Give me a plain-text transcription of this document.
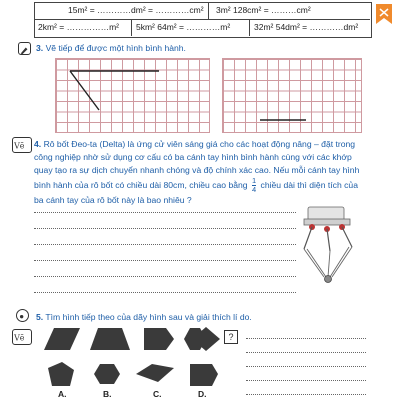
15m² = …………dm² = …………cm² 3m² 128cm² = ………cm²
2km² = ……………m² 5km² 64m² = …………m²	32m² 54dm² = …………dm²
3. Vẽ tiếp để được một hình bình hành.
Vẽ 4. Rô bốt Đeo-ta (Delta) là ứng cử viên sáng giá cho các hoạt động nâng – đặt trong
công nghiệp nhờ sử dụng cơ cấu có ba cánh tay hình bình hành cùng với các khớp
quay tạo ra sự dịch chuyển nhanh chóng và độ chính xác cao. Nếu mỗi cánh tay hình
bình hành của rô bốt có chiều dài 80cm, chiều cao bằng $\frac{1}{4}$ chiều dài thì diện tích của
ba cánh tay của rô bốt này là bao nhiêu ?
Vẽ
5. Tìm hình tiếp theo của dãy hình sau và giải thích lí do.
?
A.	B.	C.	D.
